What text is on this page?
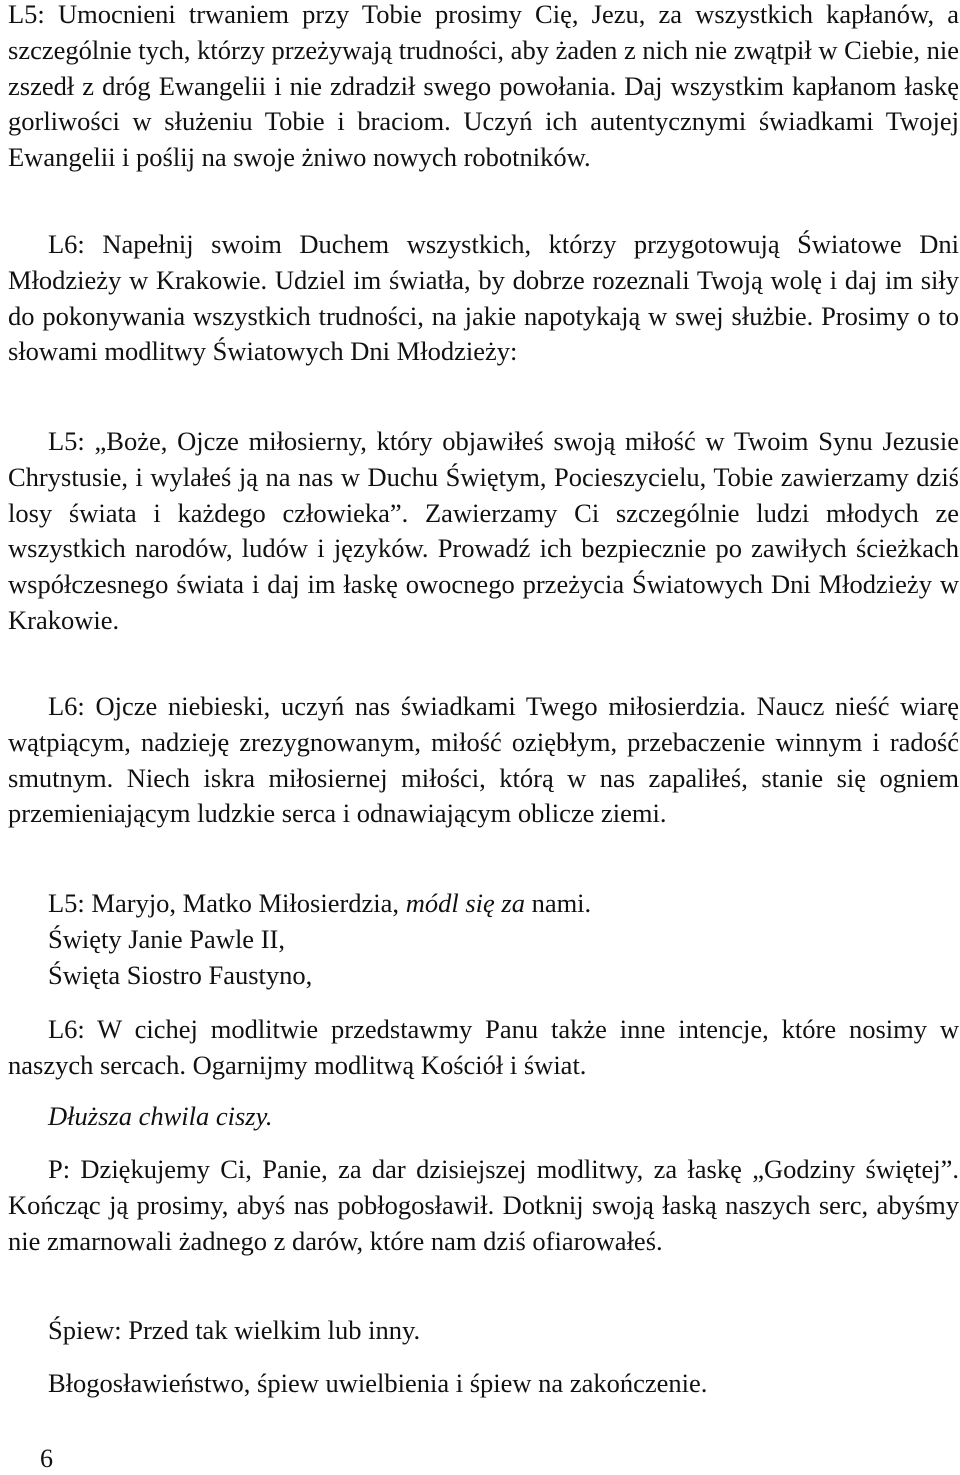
L5: Umocnieni trwaniem przy Tobie prosimy Cię, Jezu, za wszystkich kapłanów, a szczególnie tych, którzy przeżywają trudności, aby żaden z nich nie zwątpił w Ciebie, nie zszedł z dróg Ewangelii i nie zdradził swego powołania. Daj wszystkim kapłanom łaskę gorliwości w służeniu Tobie i braciom. Uczyń ich autentycznymi świadkami Twojej Ewangelii i poślij na swoje żniwo nowych robotników.

L6: Napełnij swoim Duchem wszystkich, którzy przygotowują Światowe Dni Młodzieży w Krakowie. Udziel im światła, by dobrze rozeznali Twoją wolę i daj im siły do pokonywania wszystkich trudności, na jakie napotykają w swej służbie. Prosimy o to słowami modlitwy Światowych Dni Młodzieży:

L5: „Boże, Ojcze miłosierny, który objawiłeś swoją miłość w Twoim Synu Jezusie Chrystusie, i wylałeś ją na nas w Duchu Świętym, Pocieszycielu, Tobie zawierzamy dziś losy świata i każdego człowieka”. Zawierzamy Ci szczególnie ludzi młodych ze wszystkich narodów, ludów i języków. Prowadź ich bezpiecznie po zawiłych ścieżkach współczesnego świata i daj im łaskę owocnego przeżycia Światowych Dni Młodzieży w Krakowie.

L6: Ojcze niebieski, uczyń nas świadkami Twego miłosierdzia. Naucz nieść wiarę wątpiącym, nadzieję zrezygnowanym, miłość oziębłym, przebaczenie winnym i radość smutnym. Niech iskra miłosiernej miłości, którą w nas zapaliłeś, stanie się ogniem przemieniającym ludzkie serca i odnawiającym oblicze ziemi.

L5: Maryjo, Matko Miłosierdzia, módl się za nami.
Święty Janie Pawle II,
Święta Siostro Faustyno,

L6: W cichej modlitwie przedstawmy Panu także inne intencje, które nosimy w naszych sercach. Ogarnijmy modlitwą Kościół i świat.

Dłuższa chwila ciszy.

P: Dziękujemy Ci, Panie, za dar dzisiejszej modlitwy, za łaskę „Godziny świętej”. Kończąc ją prosimy, abyś nas pobłogosławił. Dotknij swoją łaską naszych serc, abyśmy nie zmarnowali żadnego z darów, które nam dziś ofiarowałeś.

Śpiew: Przed tak wielkim lub inny.

Błogosławieństwo, śpiew uwielbienia i śpiew na zakończenie.

6
